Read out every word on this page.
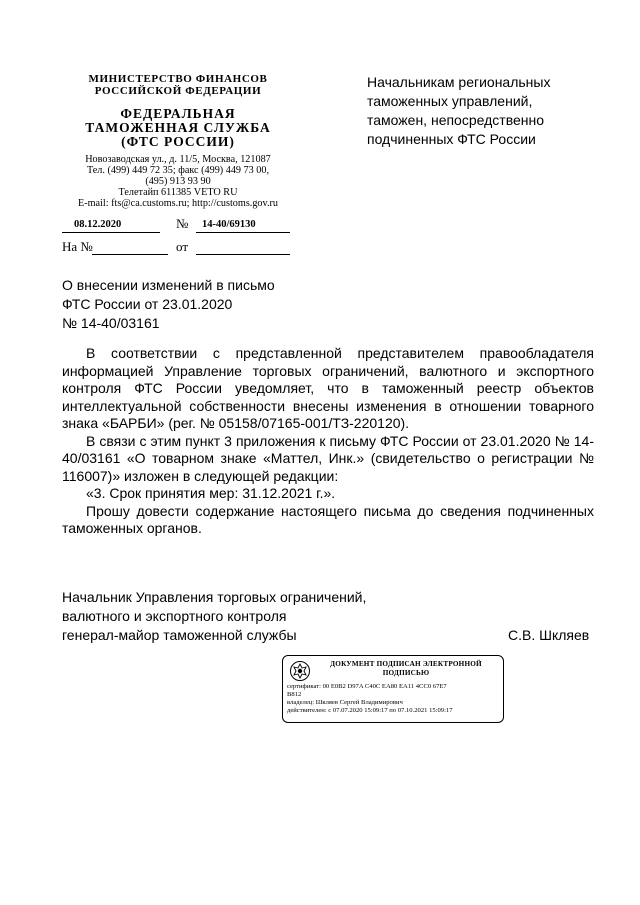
МИНИСТЕРСТВО ФИНАНСОВ
РОССИЙСКОЙ ФЕДЕРАЦИИ
ФЕДЕРАЛЬНАЯ
ТАМОЖЕННАЯ СЛУЖБА
(ФТС РОССИИ)
Новозаводская ул., д. 11/5, Москва, 121087
Тел. (499) 449 72 35; факс (499) 449 73 00,
(495) 913 93 90
Телетайп 611385 VETO RU
E-mail: fts@ca.customs.ru; http://customs.gov.ru
08.12.2020	№ 14-40/69130
На №	от
Начальникам региональных
таможенных управлений,
таможен, непосредственно
подчиненных ФТС России
О внесении изменений в письмо
ФТС России от 23.01.2020
№ 14-40/03161

В соответствии с представленной представителем правообладателя информацией Управление торговых ограничений, валютного и экспортного контроля ФТС России уведомляет, что в таможенный реестр объектов интеллектуальной собственности внесены изменения в отношении товарного знака «БАРБИ» (рег. № 05158/07165-001/ТЗ-220120).

В связи с этим пункт 3 приложения к письму ФТС России от 23.01.2020 № 14-40/03161 «О товарном знаке «Маттел, Инк.» (свидетельство о регистрации № 116007)» изложен в следующей редакции:

«3. Срок принятия мер: 31.12.2021 г.».

Прошу довести содержание настоящего письма до сведения подчиненных таможенных органов.

Начальник Управления торговых ограничений,
валютного и экспортного контроля
генерал-майор таможенной службы	С.В. Шкляев
ДОКУМЕНТ ПОДПИСАН ЭЛЕКТРОННОЙ
ПОДПИСЬЮ
сертификат: 00 E0B2 D97A C40C EA80 EA11 4CC0 67E7
B812
владелец: Шкляев Сергей Владимирович
действителен: с 07.07.2020 15:09:17 по 07.10.2021 15:09:17
